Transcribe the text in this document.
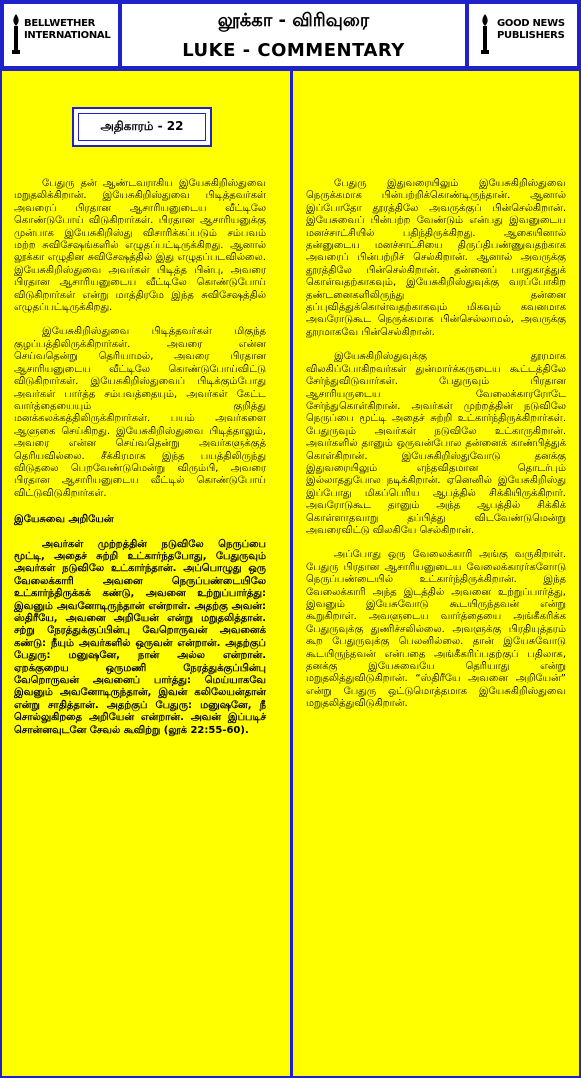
BELLWETHER
INTERNATIONAL
லூக்கா - விரிவுரை
LUKE - COMMENTARY
GOOD NEWS
PUBLISHERS
அதிகாரம் - 22

பேதுரு தன் ஆண்டவராகிய இயேசுகிறிஸ்துவை மறுதலிக்கிறான். இயேசுகிறிஸ்துவை பிடித்தவர்கள் அவரைப் பிரதான ஆசாரியனுடைய வீட்டிலே கொண்டுபோய் விடுகிறார்கள். பிரதான ஆசாரியனுக்கு முன்பாக இயேசுகிறிஸ்து விசாரிக்கப்படும் சம்பவம் மற்ற சுவிசேஷங்களில் எழுதப்பட்டிருக்கிறது. ஆனால் லூக்கா எழுதின சுவிசேஷத்தில் இது எழுதப்படவில்லை. இயேசுகிறிஸ்துவை அவர்கள் பிடித்த பின்பு, அவரை பிரதான ஆசாரியனுடைய வீட்டிலே கொண்டுபோய் விடுகிறார்கள் என்று மாத்திரமே இந்த சுவிசேஷத்தில் எழுதப்பட்டிருக்கிறது.

இயேசுகிறிஸ்துவை பிடித்தவர்கள் மிகுந்த குழப்பத்திலிருக்கிறார்கள். அவரை என்ன செய்வதென்று தெரியாமல், அவரை பிரதான ஆசாரியனுடைய வீட்டிலே கொண்டுபோய்விட்டு விடுகிறார்கள். இயேசுகிறிஸ்துவைப் பிடிக்கும்போது அவர்கள் பார்த்த சம்பவத்தையும், அவர்கள் கேட்ட வார்த்தையையும் குறித்து மனக்கலக்கத்திலிருக்கிறார்கள். பயம் அவர்களை ஆளுகை செய்கிறது. இயேசுகிறிஸ்துவை பிடித்தாலும், அவரை என்ன செய்வதென்று அவர்களுக்குத் தெரியவில்லை. சீக்கிரமாக இந்த பயத்திலிருந்து விடுதலை பெறவேண்டுமென்று விரும்பி, அவரை பிரதான ஆசாரியனுடைய வீட்டில் கொண்டுபோய் விட்டுவிடுகிறார்கள்.

இயேசுவை அறியேன்

அவர்கள் முற்றத்தின் நடுவிலே நெருப்பை மூட்டி, அதைச் சுற்றி உட்கார்ந்தபோது, பேதுருவும் அவர்கள் நடுவிலே உட்கார்ந்தான். அப்பொழுது ஒரு வேலைக்காரி அவனை நெருப்பண்டையிலே உட்கார்ந்திருக்கக் கண்டு, அவனை உற்றுப்பார்த்து: இவனும் அவனோடிருந்தான் என்றாள். அதற்கு அவன்: ஸ்திரீயே, அவனை அறியேன் என்று மறுதலித்தான். சற்று நேரத்துக்குப்பின்பு வேறொருவன் அவனைக் கண்டு: நீயும் அவர்களில் ஒருவன் என்றான். அதற்குப் பேதுரு: மனுஷனே, நான் அல்ல என்றான். ஏறக்குறைய ஒருமணி நேரத்துக்குப்பின்பு வேறொருவன் அவனைப் பார்த்து: மெய்யாகவே இவனும் அவனோடிருந்தான், இவன் கலிலேயன்தான் என்று சாதித்தான். அதற்குப் பேதுரு: மனுஷனே, நீ சொல்லுகிறதை அறியேன் என்றான். அவன் இப்படிச் சொன்னவுடனே சேவல் கூவிற்று (லூக் 22:55-60).

பேதுரு இதுவரையிலும் இயேசுகிறிஸ்துவை நெருக்கமாக பின்பற்றிக்கொண்டிருந்தான். ஆனால் இப்போதோ தூரத்திலே அவருக்குப் பின்செல்கிறான். இயேசுவைப் பின்பற்ற வேண்டும் என்பது இவனுடைய மனச்சாட்சியில் பதிந்திருக்கிறது. ஆகையினால் தன்னுடைய மனச்சாட்சியை திருப்திபண்ணுவதற்காக அவரைப் பின்பற்றிச் செல்கிறான். ஆனால் அவருக்கு தூரத்திலே பின்செல்கிறான். தன்னைப் பாதுகாத்துக் கொள்வதற்காகவும், இயேசுகிறிஸ்துவுக்கு வரப்போகிற தண்டனைகளிலிருந்து தன்னை தப்புவித்துக்கொள்வதற்காகவும் மிகவும் கவனமாக அவரோடுகூட நெருக்கமாக பின்செல்லாமல், அவருக்கு தூரமாகவே பின்செல்கிறான்.

இயேசுகிறிஸ்துவுக்கு தூரமாக விலகிப்போகிறவர்கள் துன்மார்க்கருடைய கூட்டத்திலே சேர்ந்துவிடுவார்கள். பேதுருவும் பிரதான ஆசாரியருடைய வேலைக்காரரோடே சேர்ந்துகொள்கிறான். அவர்கள் முற்றத்தின் நடுவிலே நெருப்பை மூட்டி அதைச் சுற்றி உட்கார்ந்திருக்கிறார்கள். பேதுருவும் அவர்கள் நடுவிலே உட்காருகிறான். அவர்களில் தானும் ஒருவன்போல தன்னைக் காண்பித்துக் கொள்கிறான். இயேசுகிறிஸ்துவோடு தனக்கு இதுவரையிலும் எந்தவிதமான தொடர்பும் இல்லாததுபோல நடிக்கிறான். ஏனெனில் இயேசுகிறிஸ்து இப்போது மிகப்பெரிய ஆபத்தில் சிக்கியிருக்கிறார். அவரோடுகூட தானும் அந்த ஆபத்தில் சிக்கிக் கொள்ளாதவாறு தப்பித்து விடவேண்டுமென்று அவரைவிட்டு விலகியே செல்கிறான்.

அப்போது ஒரு வேலைக்காரி அங்கு வருகிறாள். பேதுரு பிரதான ஆசாரியனுடைய வேலைக்காரர்களோடு நெருப்பண்டையில் உட்கார்ந்திருக்கிறான். இந்த வேலைக்காரி அந்த இடத்தில் அவனை உற்றுப்பார்த்து, இவனும் இயேசுவோடு கூடயிருந்தவன் என்று கூறுகிறாள். அவளுடைய வார்த்தையை அங்கீகரிக்க பேதுருவுக்கு துணிச்சலில்லை. அவளுக்கு பிரதியுத்தரம் கூற பேதுருவுக்கு பெலனில்லை. தான் இயேசுவோடு கூடயிருந்தவன் என்பதை அங்கீகரிப்பதற்குப் பதிலாக, தனக்கு இயேசுவையே தெரியாது என்று மறுதலித்துவிடுகிறான். “ஸ்திரீயே அவனை அறியேன்” என்று பேதுரு ஒட்டுமொத்தமாக இயேசுகிறிஸ்துவை மறுதலித்துவிடுகிறான்.
